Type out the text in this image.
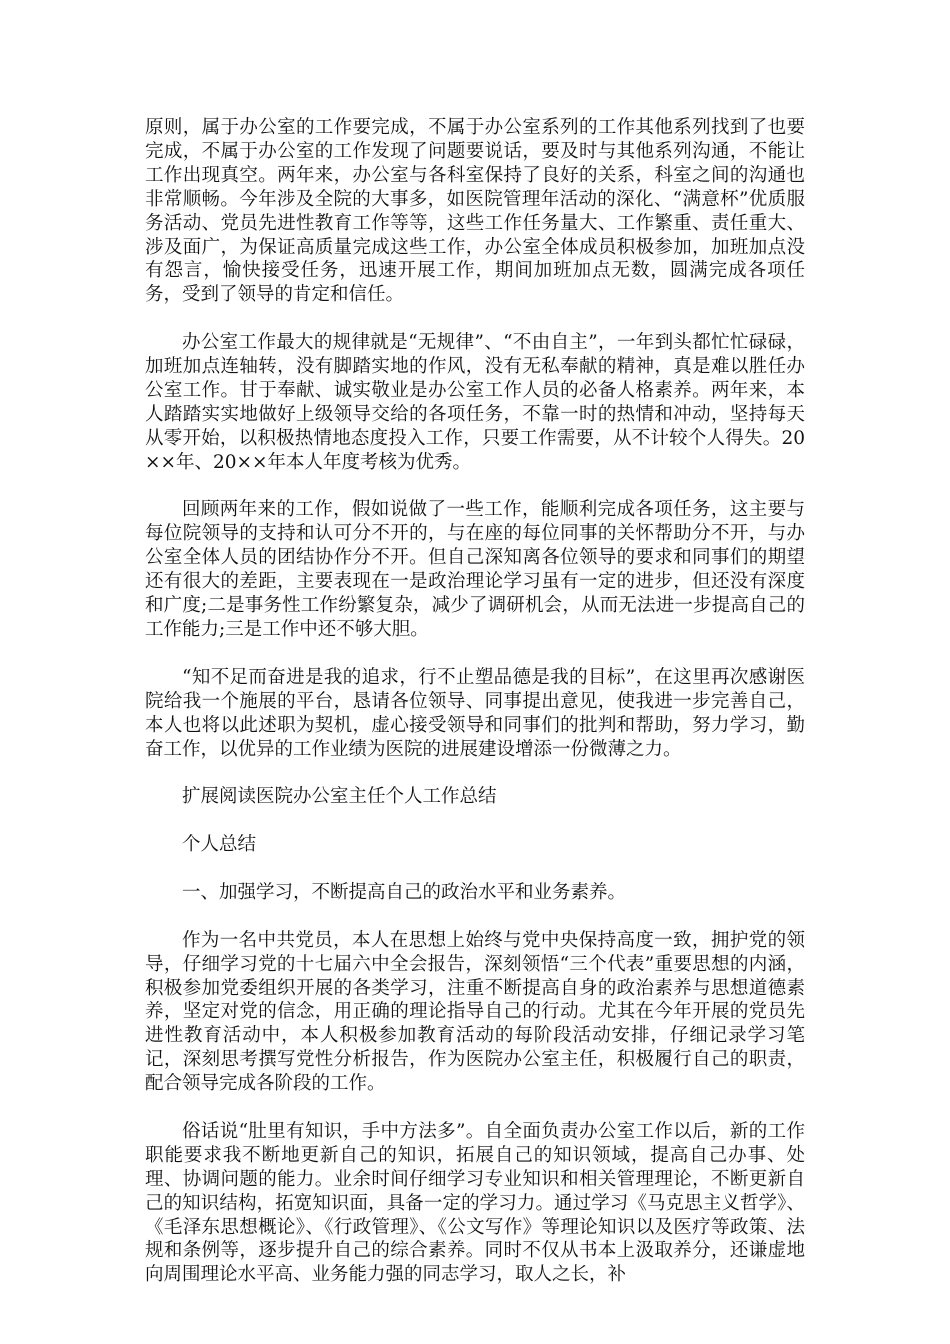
原则，属于办公室的工作要完成，不属于办公室系列的工作其他系列找到了也要完成，不属于办公室的工作发现了问题要说话，要及时与其他系列沟通，不能让工作出现真空。两年来，办公室与各科室保持了良好的关系，科室之间的沟通也非常顺畅。今年涉及全院的大事多，如医院管理年活动的深化、“满意杯”优质服务活动、党员先进性教育工作等等，这些工作任务量大、工作繁重、责任重大、涉及面广，为保证高质量完成这些工作，办公室全体成员积极参加，加班加点没有怨言，愉快接受任务，迅速开展工作，期间加班加点无数，圆满完成各项任务，受到了领导的肯定和信任。

办公室工作最大的规律就是“无规律”、“不由自主”，一年到头都忙忙碌碌，加班加点连轴转，没有脚踏实地的作风，没有无私奉献的精神，真是难以胜任办公室工作。甘于奉献、诚实敬业是办公室工作人员的必备人格素养。两年来，本人踏踏实实地做好上级领导交给的各项任务，不靠一时的热情和冲动，坚持每天从零开始，以积极热情地态度投入工作，只要工作需要，从不计较个人得失。20××年、20××年本人年度考核为优秀。

回顾两年来的工作，假如说做了一些工作，能顺利完成各项任务，这主要与每位院领导的支持和认可分不开的，与在座的每位同事的关怀帮助分不开，与办公室全体人员的团结协作分不开。但自己深知离各位领导的要求和同事们的期望还有很大的差距，主要表现在一是政治理论学习虽有一定的进步，但还没有深度和广度;二是事务性工作纷繁复杂，减少了调研机会，从而无法进一步提高自己的工作能力;三是工作中还不够大胆。

“知不足而奋进是我的追求，行不止塑品德是我的目标”，在这里再次感谢医院给我一个施展的平台，恳请各位领导、同事提出意见，使我进一步完善自己，本人也将以此述职为契机，虚心接受领导和同事们的批判和帮助，努力学习，勤奋工作，以优异的工作业绩为医院的进展建设增添一份微薄之力。

扩展阅读医院办公室主任个人工作总结

个人总结

一、加强学习，不断提高自己的政治水平和业务素养。

作为一名中共党员，本人在思想上始终与党中央保持高度一致，拥护党的领导，仔细学习党的十七届六中全会报告，深刻领悟“三个代表”重要思想的内涵，积极参加党委组织开展的各类学习，注重不断提高自身的政治素养与思想道德素养，坚定对党的信念，用正确的理论指导自己的行动。尤其在今年开展的党员先进性教育活动中，本人积极参加教育活动的每阶段活动安排，仔细记录学习笔记，深刻思考撰写党性分析报告，作为医院办公室主任，积极履行自己的职责，配合领导完成各阶段的工作。

俗话说“肚里有知识，手中方法多”。自全面负责办公室工作以后，新的工作职能要求我不断地更新自己的知识，拓展自己的知识领域，提高自己办事、处理、协调问题的能力。业余时间仔细学习专业知识和相关管理理论，不断更新自己的知识结构，拓宽知识面，具备一定的学习力。通过学习《马克思主义哲学》、《毛泽东思想概论》、《行政管理》、《公文写作》等理论知识以及医疗等政策、法规和条例等，逐步提升自己的综合素养。同时不仅从书本上汲取养分，还谦虚地向周围理论水平高、业务能力强的同志学习，取人之长，补
